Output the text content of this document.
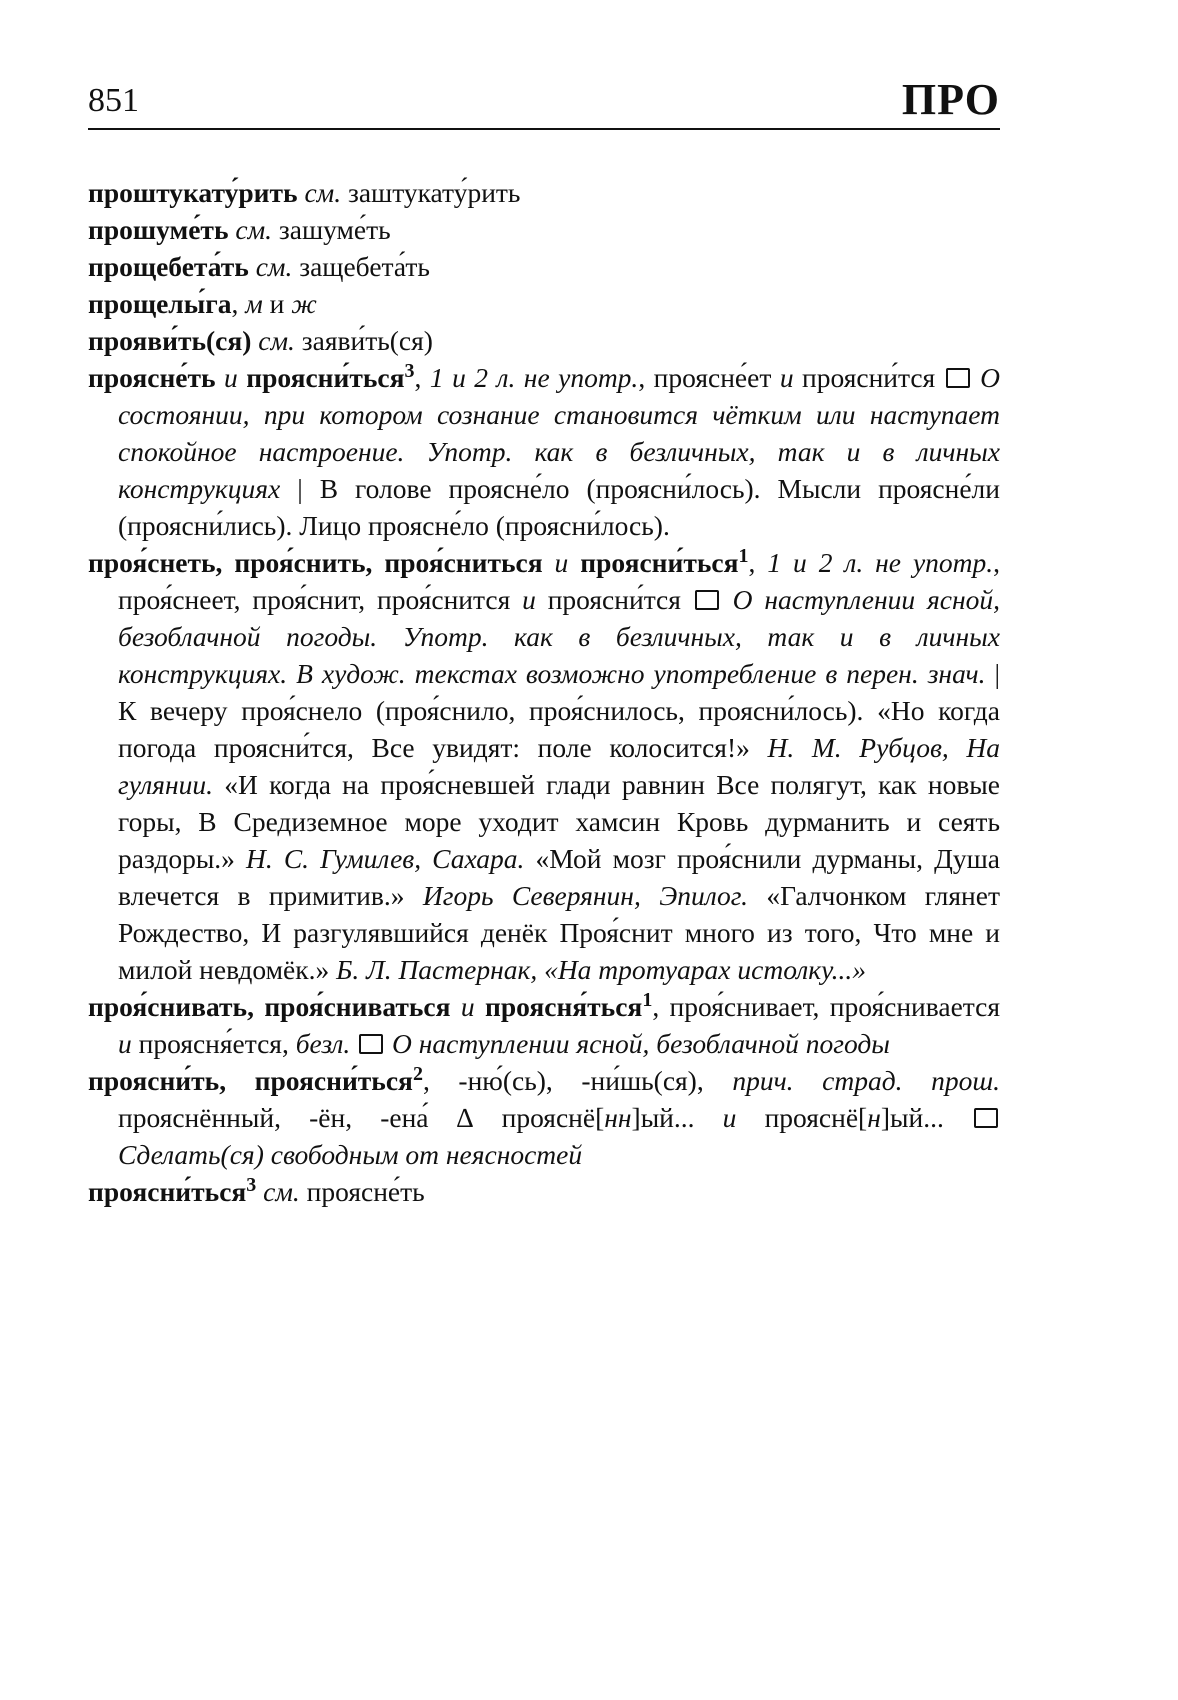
851	ПРО

проштукату́рить см. заштукату́рить

прошуме́ть см. зашуме́ть

прощебета́ть см. защебета́ть

прощелы́га, м и ж

прояви́ть(ся) см. заяви́ть(ся)

проясне́ть и проясни́ться$^3$, 1 и 2 л. не употр., проясне́ет и проясни́тся  О состоянии, при котором сознание становится чётким или наступает спокойное настроение. Употр. как в безличных, так и в личных конструкциях | В голове проясне́ло (проясни́лось). Мысли проясне́ли (проясни́лись). Лицо проясне́ло (проясни́лось).

проя́снеть, проя́снить, проя́сниться и проясни́ться$^1$, 1 и 2 л. не употр., проя́снеет, проя́снит, проя́снится и проясни́тся  О наступлении ясной, безоблачной погоды. Употр. как в безличных, так и в личных конструкциях. В худож. текстах возможно употребление в перен. знач. | К вечеру проя́снело (проя́снило, проя́снилось, проясни́лось). «Но когда погода проясни́тся, Все увидят: поле колосится!» Н. М. Рубцов, На гулянии. «И когда на проя́сневшей глади равнин Все полягут, как новые горы, В Средиземное море уходит хамсин Кровь дурманить и сеять раздоры.» Н. С. Гумилев, Сахара. «Мой мозг проя́снили дурманы, Душа влечется в примитив.» Игорь Северянин, Эпилог. «Галчонком глянет Рождество, И разгулявшийся денёк Проя́снит много из того, Что мне и милой невдомёк.» Б. Л. Пастернак, «На тротуарах истолку...»

проя́снивать, проя́сниваться и проясня́ться$^1$, проя́снивает, проя́снивается и проясня́ется, безл.  О наступлении ясной, безоблачной погоды

проясни́ть, проясни́ться$^2$, -ню́(сь), -ни́шь(ся), прич. страд. прош. прояснённый, -ён, -ена́ ∆ прояснё[нн]ый... и прояснё[н]ый...  Сделать(ся) свободным от неясностей

проясни́ться$^3$ см. проясне́ть
